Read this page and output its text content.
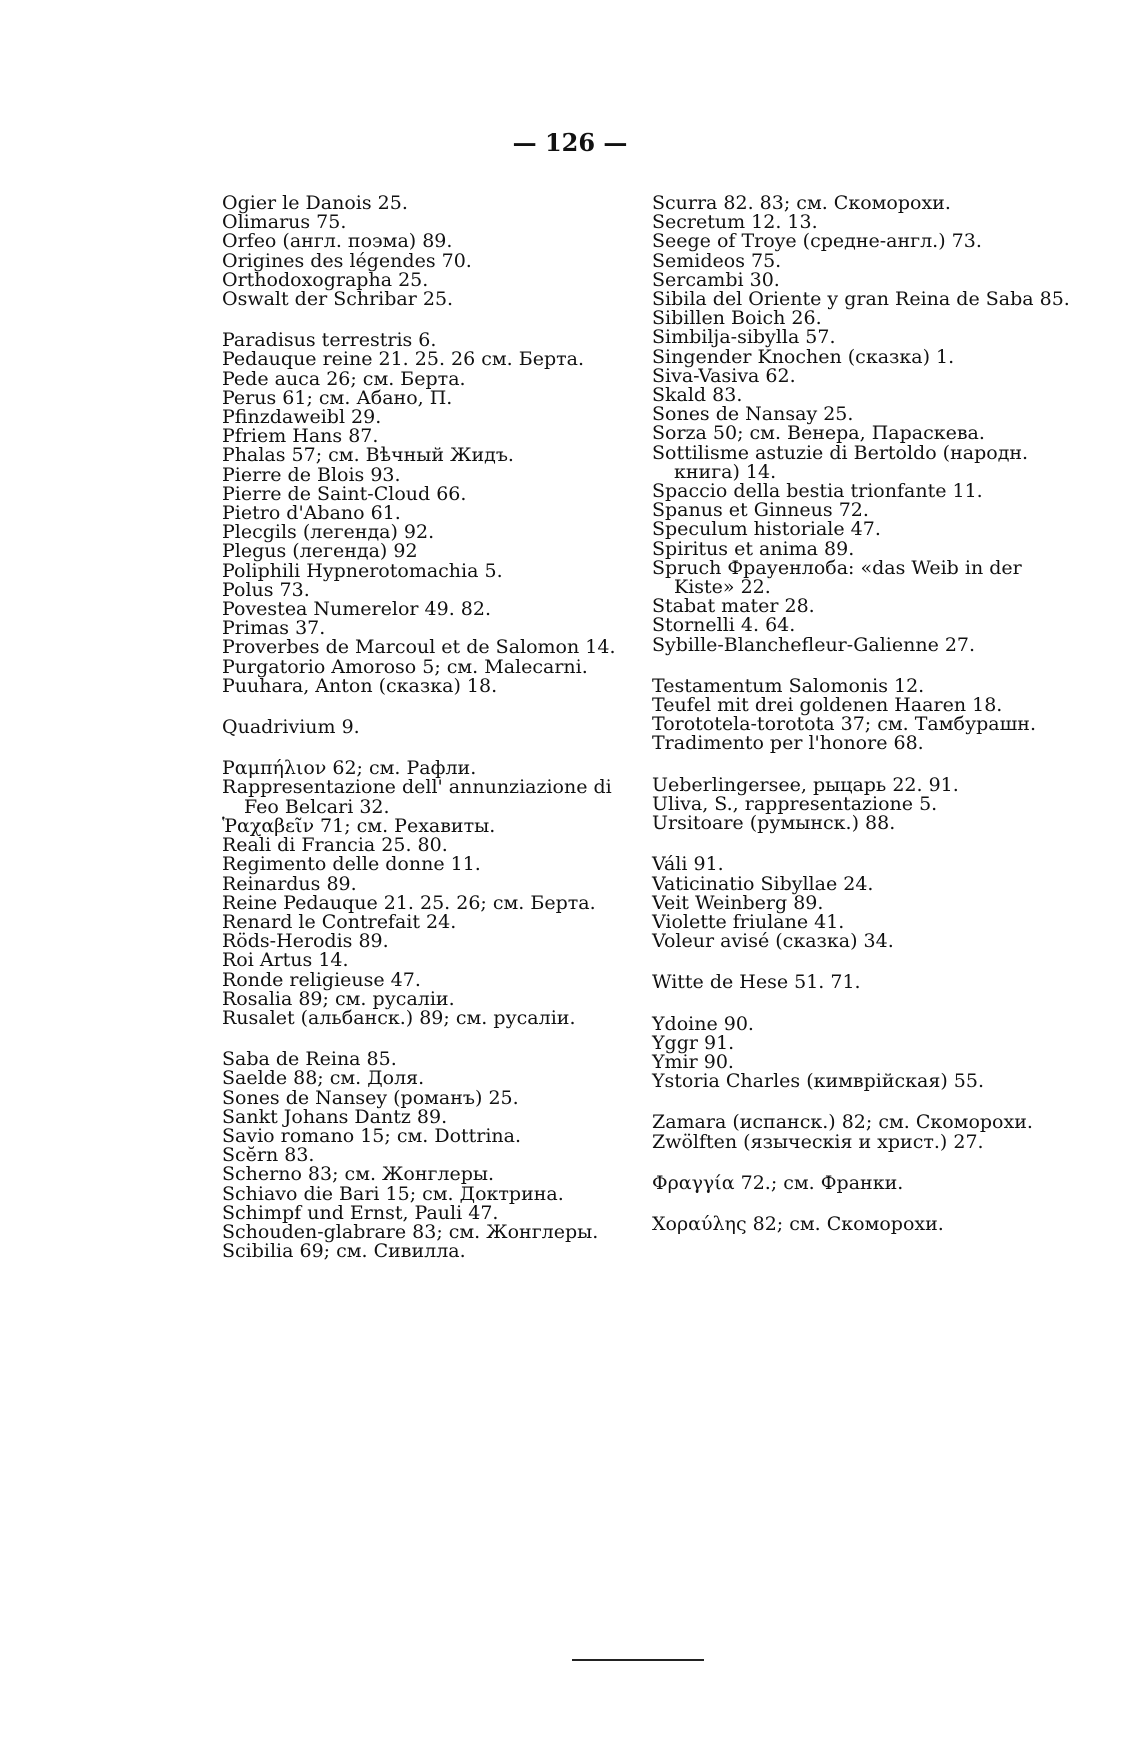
— 126 —
Ogier le Danois 25.
Olimarus 75.
Orfeo (англ. поэма) 89.
Origines des légendes 70.
Orthodoxographa 25.
Oswalt der Schribar 25.
Paradisus terrestris 6.
Pedauque reine 21. 25. 26 см. Берта.
Pede auca 26; см. Берта.
Perus 61; см. Абано, П.
Pfinzdaweibl 29.
Pfriem Hans 87.
Phalas 57; см. Вѣчный Жидъ.
Pierre de Blois 93.
Pierre de Saint-Cloud 66.
Pietro d'Abano 61.
Plecgils (легенда) 92.
Plegus (легенда) 92
Poliphili Hypnerotomachia 5.
Polus 73.
Povestea Numerelor 49. 82.
Primas 37.
Proverbes de Marcoul et de Salomon 14.
Purgatorio Amoroso 5; см. Malecarni.
Puuhara, Anton (сказка) 18.
Quadrivium 9.
Ραμπήλιον 62; см. Рафли.
Rappresentazione dell' annunziazione di Feo Belcari 32.
Ῥαχαβεῖν 71; см. Рехавиты.
Reali di Francia 25. 80.
Regimento delle donne 11.
Reinardus 89.
Reine Pedauque 21. 25. 26; см. Берта.
Renard le Contrefait 24.
Röds-Herodis 89.
Roi Artus 14.
Ronde religieuse 47.
Rosalia 89; см. русаліи.
Rusalet (альбанск.) 89; см. русаліи.
Saba de Reina 85.
Saelde 88; см. Доля.
Sones de Nansey (романъ) 25.
Sankt Johans Dantz 89.
Savio romano 15; см. Dottrina.
Scĕrn 83.
Scherno 83; см. Жонглеры.
Schiavo die Bari 15; см. Доктрина.
Schimpf und Ernst, Pauli 47.
Schouden-glabrare 83; см. Жонглеры.
Scibilia 69; см. Сивилла.
Scurra 82. 83; см. Скоморохи.
Secretum 12. 13.
Seege of Troye (средне-англ.) 73.
Semideos 75.
Sercambi 30.
Sibila del Oriente y gran Reina de Saba 85.
Sibillen Boich 26.
Simbilja-sibylla 57.
Singender Knochen (сказка) 1.
Siva-Vasiva 62.
Skald 83.
Sones de Nansay 25.
Sorza 50; см. Венера, Параскева.
Sottilisme astuzie di Bertoldo (народн. книга) 14.
Spaccio della bestia trionfante 11.
Spanus et Ginneus 72.
Speculum historiale 47.
Spiritus et anima 89.
Spruch Фрауенлоба: «das Weib in der Kiste» 22.
Stabat mater 28.
Stornelli 4. 64.
Sybille-Blanchefleur-Galienne 27.
Testamentum Salomonis 12.
Teufel mit drei goldenen Haaren 18.
Torototela-torototа 37; см. Тамбурашн.
Tradimento per l'honore 68.
Ueberlingersee, рыцарь 22. 91.
Uliva, S., rappresentazione 5.
Ursitoare (румынск.) 88.
Váli 91.
Vaticinatio Sibyllae 24.
Veit Weinberg 89.
Violette friulane 41.
Voleur avisé (сказка) 34.
Witte de Hese 51. 71.
Ydoine 90.
Yggr 91.
Ymir 90.
Ystoria Charles (кимврійская) 55.
Zamara (испанск.) 82; см. Скоморохи.
Zwölften (языческія и христ.) 27.
Φραγγία 72.; см. Франки.
Χοραύλης 82; см. Скоморохи.
